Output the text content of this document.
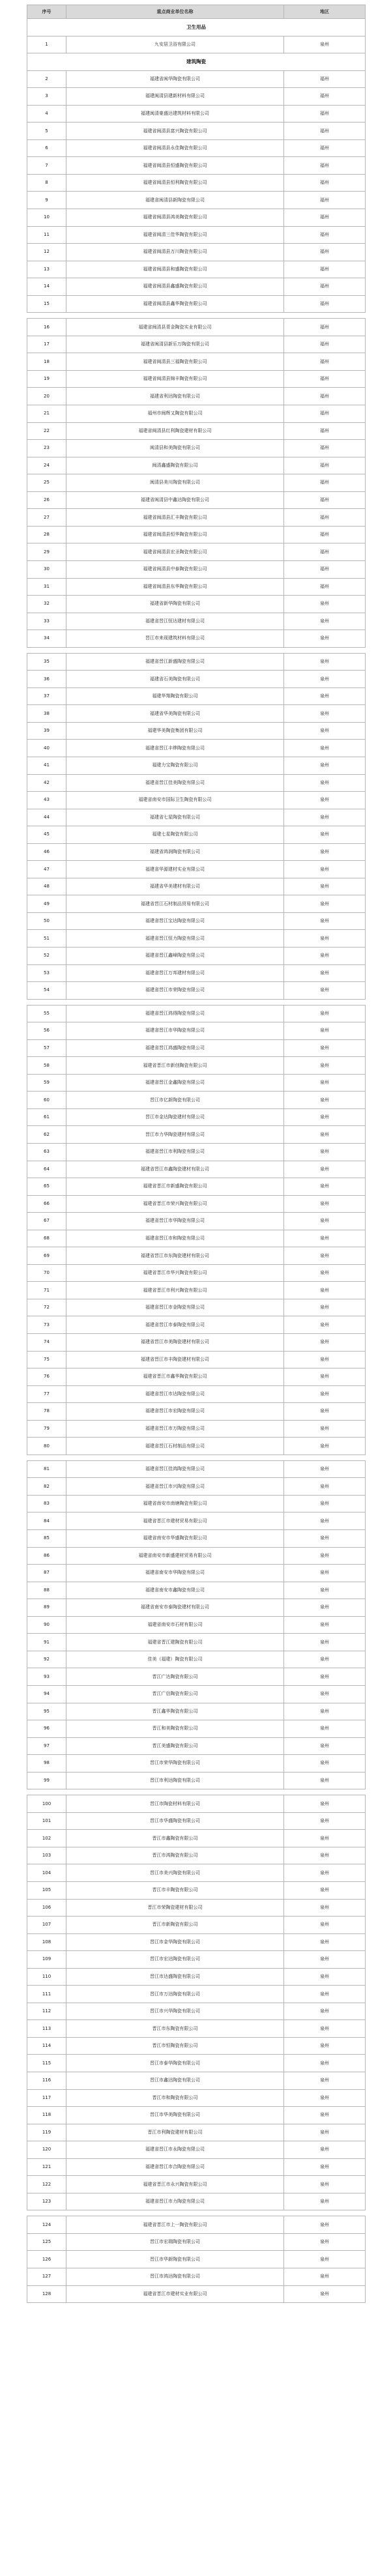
序号	重点商业单位名称	地区
卫生用品		
1	九安居卫浴有限公司	泉州
建筑陶瓷		
2	福建省闽华陶瓷有限公司	福州
3	福建闽清县建新材料有限公司	福州
4	福建闽清豪盛达建筑材料有限公司	福州
5	福建省闽清县富兴陶瓷有限公司	福州
6	福建省闽清县永佳陶瓷有限公司	福州
7	福建省闽清县恒盛陶瓷有限公司	福州
8	福建省闽清县恒利陶瓷有限公司	福州
9	福建省闽清县新陶瓷有限公司	福州
10	福建省闽清县鸿美陶瓷有限公司	福州
11	福建省闽清三佳华陶瓷有限公司	福州
12	福建省闽清县万川陶瓷有限公司	福州
13	福建省闽清县和盛陶瓷有限公司	福州
14	福建省闽清县鑫盛陶瓷有限公司	福州
15	福建省闽清县鑫华陶瓷有限公司	福州

16	福建省闽清县青金陶瓷实业有限公司	福州
17	福建省闽清县新乐万陶瓷有限公司	福州
18	福建省闽清县三福陶瓷有限公司	福州
19	福建省闽清县锦丰陶瓷有限公司	福州
20	福建省利达陶瓷有限公司	福州
21	福州市闽辉又陶瓷有限公司	福州
22	福建省闽清县红利陶瓷建材有限公司	福州
23	闽清县和美陶瓷有限公司	福州
24	闽清鑫盛陶瓷有限公司	福州
25	闽清县美川陶瓷有限公司	福州
26	福建省闽清县中鑫达陶瓷有限公司	福州
27	福建省闽清县汇丰陶瓷有限公司	福州
28	福建省闽清县恒华陶瓷有限公司	福州
29	福建省闽清县宏圣陶瓷有限公司	福州
30	福建省闽清县中泰陶瓷有限公司	福州
31	福建省闽清县东华陶瓷有限公司	福州
32	福建省新华陶瓷有限公司	泉州
33	福建省晋江恒达建材有限公司	泉州
34	晋江市来现建筑材料有限公司	泉州

35	福建省晋江新盛陶瓷有限公司	泉州
36	福建省石美陶瓷有限公司	泉州
37	福建华翔陶瓷有限公司	泉州
38	福建省华美陶瓷有限公司	泉州
39	福建华美陶瓷集团有限公司	泉州
40	福建省晋江丰烨陶瓷有限公司	泉州
41	福建力宝陶瓷有限公司	泉州
42	福建省晋江佳美陶瓷有限公司	泉州
43	福建省南安市国际卫生陶瓷有限公司	泉州
44	福建省七星陶瓷有限公司	泉州
45	福建七星陶瓷有限公司	泉州
46	福建省鸿润陶瓷有限公司	泉州
47	福建省华源建材实业有限公司	泉州
48	福建省华美建材有限公司	泉州
49	福建省晋江石材制品贸易有限公司	泉州
50	福建省晋江宝达陶瓷有限公司	泉州
51	福建省晋江恒力陶瓷有限公司	泉州
52	福建省晋江鑫峰陶瓷有限公司	泉州
53	福建省晋江万邦建材有限公司	泉州
54	福建省晋江市荣陶瓷有限公司	泉州

55	福建省晋江鸿得陶瓷有限公司	泉州
56	福建省晋江市华陶瓷有限公司	泉州
57	福建省晋江鸿盛陶瓷有限公司	泉州
58	福建省晋江市新创陶瓷有限公司	泉州
59	福建省晋江金鑫陶瓷有限公司	泉州
60	晋江市亿新陶瓷有限公司	泉州
61	晋江市金达陶瓷建材有限公司	泉州
62	晋江市力华陶瓷建材有限公司	泉州
63	福建省晋江市利陶瓷有限公司	泉州
64	福建省晋江市鑫陶瓷建材有限公司	泉州
65	福建省晋江市新盛陶瓷有限公司	泉州
66	福建省晋江市荣兴陶瓷有限公司	泉州
67	福建省晋江市华陶瓷有限公司	泉州
68	福建省晋江市和陶瓷有限公司	泉州
69	福建省晋江市东陶瓷建材有限公司	泉州
70	福建省晋江市华兴陶瓷有限公司	泉州
71	福建省晋江市利兴陶瓷有限公司	泉州
72	福建省晋江市金陶瓷有限公司	泉州
73	福建省晋江市泰陶瓷有限公司	泉州
74	福建省晋江市美陶瓷建材有限公司	泉州
75	福建省晋江市丰陶瓷建材有限公司	泉州
76	福建省晋江市鑫华陶瓷有限公司	泉州
77	福建省晋江市达陶瓷有限公司	泉州
78	福建省晋江市宏陶瓷有限公司	泉州
79	福建省晋江市万陶瓷有限公司	泉州
80	福建省晋江石材制品有限公司	泉州

81	福建省晋江佳鸿陶瓷有限公司	泉州
82	福建省晋江市兴陶瓷有限公司	泉州
83	福建省南安市南塘陶瓷有限公司	泉州
84	福建省晋江市建材贸易有限公司	泉州
85	福建省南安市华盛陶瓷有限公司	泉州
86	福建省南安市新盛建材贸易有限公司	泉州
87	福建省南安市华陶瓷有限公司	泉州
88	福建省南安市鑫陶瓷有限公司	泉州
89	福建省南安市泰陶瓷建材有限公司	泉州
90	福建省南安市石材有限公司	泉州
91	福建省晋江建陶瓷有限公司	泉州
92	佳美（福建）陶瓷有限公司	泉州
93	晋江广达陶瓷有限公司	泉州
94	晋江广信陶瓷有限公司	泉州
95	晋江鑫华陶瓷有限公司	泉州
96	晋江和美陶瓷有限公司	泉州
97	晋江美盛陶瓷有限公司	泉州
98	晋江市荣华陶瓷有限公司	泉州
99	晋江市利达陶瓷有限公司	泉州

100	晋江市陶瓷材料有限公司	泉州
101	晋江市华盛陶瓷有限公司	泉州
102	晋江市鑫陶瓷有限公司	泉州
103	晋江市鸿陶瓷有限公司	泉州
104	晋江市美兴陶瓷有限公司	泉州
105	晋江市丰陶瓷有限公司	泉州
106	晋江市荣陶瓷建材有限公司	泉州
107	晋江市新陶瓷有限公司	泉州
108	晋江市金华陶瓷有限公司	泉州
109	晋江市宏达陶瓷有限公司	泉州
110	晋江市达盛陶瓷有限公司	泉州
111	晋江市万达陶瓷有限公司	泉州
112	晋江市兴华陶瓷有限公司	泉州
113	晋江市东陶瓷有限公司	泉州
114	晋江市恒陶瓷有限公司	泉州
115	晋江市泰华陶瓷有限公司	泉州
116	晋江市鑫达陶瓷有限公司	泉州
117	晋江市和陶瓷有限公司	泉州
118	晋江市华美陶瓷有限公司	泉州
119	晋江市利陶瓷建材有限公司	泉州
120	福建省晋江市永陶瓷有限公司	泉州
121	福建省晋江市合陶瓷有限公司	泉州
122	福建省晋江市永兴陶瓷有限公司	泉州
123	福建省晋江市力陶瓷有限公司	泉州

124	福建省晋江市上一陶瓷有限公司	泉州
125	晋江市宏瑞陶瓷有限公司	泉州
126	晋江市华新陶瓷有限公司	泉州
127	晋江市鸿达陶瓷有限公司	泉州
128	福建省晋江市建材实业有限公司	泉州
